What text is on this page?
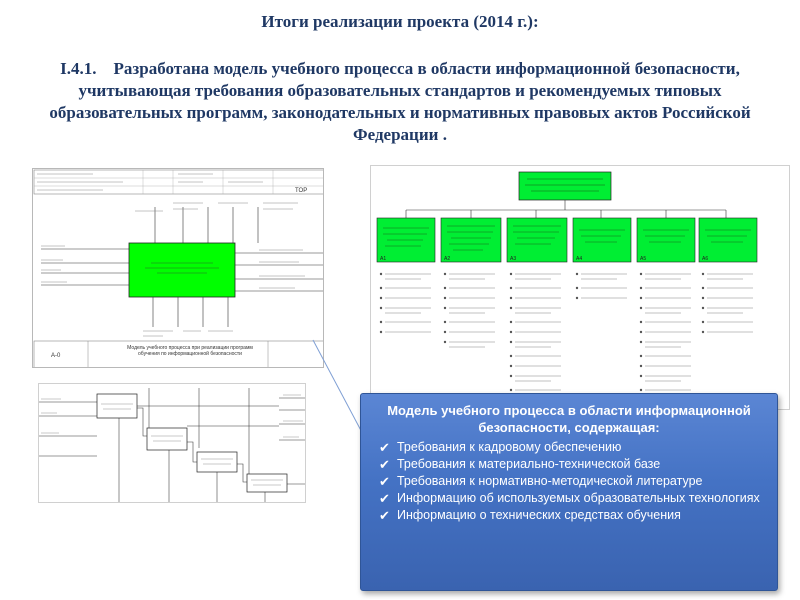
Итоги реализации проекта (2014 г.):
I.4.1. Разработана модель учебного процесса в области информационной безопасности, учитывающая требования образовательных стандартов и рекомендуемых типовых образовательных программ, законодательных и нормативных правовых актов Российской Федерации .
TOP
A-0
Модель учебного процесса при реализации программ обучения по информационной безопасности
A1	A2	A3	A4	A5	A6
Модель учебного процесса в области информационной безопасности, содержащая:
✔ Требования к кадровому обеспечению
✔ Требования к материально-технической базе
✔ Требования к нормативно-методической литературе
✔ Информацию об используемых образовательных технологиях
✔ Информацию о технических средствах обучения
